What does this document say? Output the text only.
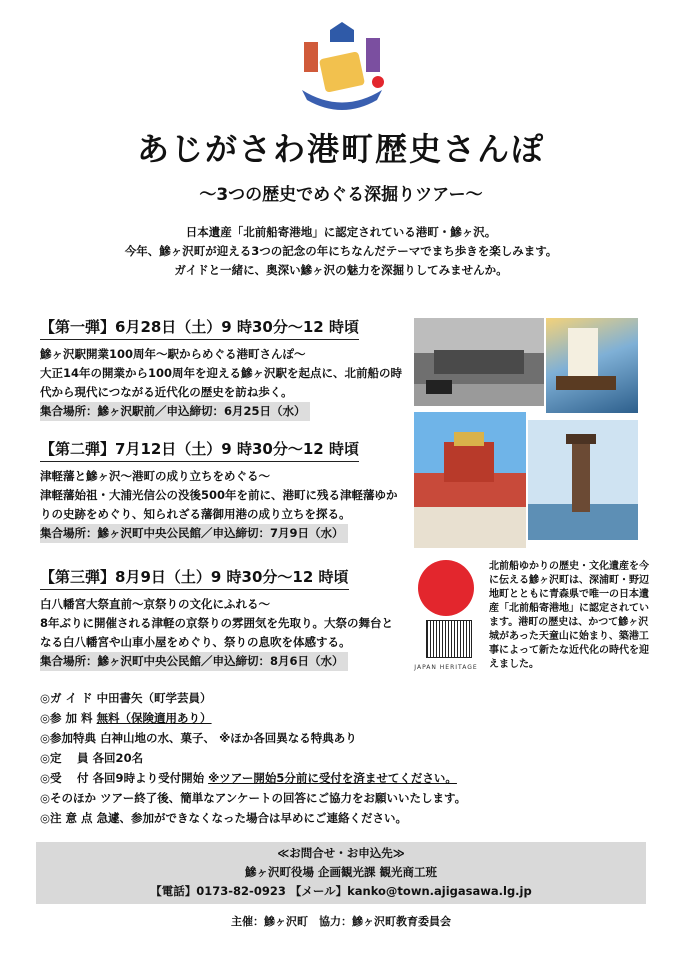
あじがさわ港町歴史さんぽ
～3つの歴史でめぐる深掘りツアー～
日本遺産「北前船寄港地」に認定されている港町・鰺ヶ沢。
今年、鰺ヶ沢町が迎える3つの記念の年にちなんだテーマでまち歩きを楽しみます。
ガイドと一緒に、奥深い鰺ヶ沢の魅力を深掘りしてみませんか。
【第一弾】6月28日（土）9 時30分～12 時頃
鰺ヶ沢駅開業100周年～駅からめぐる港町さんぽ～
大正14年の開業から100周年を迎える鰺ヶ沢駅を起点に、北前船の時代から現代につながる近代化の歴史を訪ね歩く。
集合場所：鰺ヶ沢駅前／申込締切：6月25日（水）
【第二弾】7月12日（土）9 時30分～12 時頃
津軽藩と鰺ヶ沢～港町の成り立ちをめぐる～
津軽藩始祖・大浦光信公の没後500年を前に、港町に残る津軽藩ゆかりの史跡をめぐり、知られざる藩御用港の成り立ちを探る。
集合場所：鰺ヶ沢町中央公民館／申込締切：7月9日（水）
【第三弾】8月9日（土）9 時30分～12 時頃
白八幡宮大祭直前～京祭りの文化にふれる～
8年ぶりに開催される津軽の京祭りの雰囲気を先取り。大祭の舞台となる白八幡宮や山車小屋をめぐり、祭りの息吹を体感する。
集合場所：鰺ヶ沢町中央公民館／申込締切：8月6日（水）	JAPAN HERITAGE
北前船ゆかりの歴史・文化遺産を今に伝える鰺ヶ沢町は、深浦町・野辺地町とともに青森県で唯一の日本遺産「北前船寄港地」に認定されています。港町の歴史は、かつて鰺ヶ沢城があった天童山に始まり、築港工事によって新たな近代化の時代を迎えました。
◎ガ イ ド 中田書矢（町学芸員）
◎参 加 料 無料（保険適用あり）
◎参加特典 白神山地の水、菓子、 ※ほか各回異なる特典あり
◎定　 員 各回20名
◎受　 付 各回9時より受付開始 ※ツアー開始5分前に受付を済ませてください。
◎そのほか ツアー終了後、簡単なアンケートの回答にご協力をお願いいたします。
◎注 意 点 急遽、参加ができなくなった場合は早めにご連絡ください。
≪お問合せ・お申込先≫
鰺ヶ沢町役場 企画観光課 観光商工班
【電話】0173-82-0923 【メール】kanko@town.ajigasawa.lg.jp
主催：鰺ヶ沢町　協力：鰺ヶ沢町教育委員会
